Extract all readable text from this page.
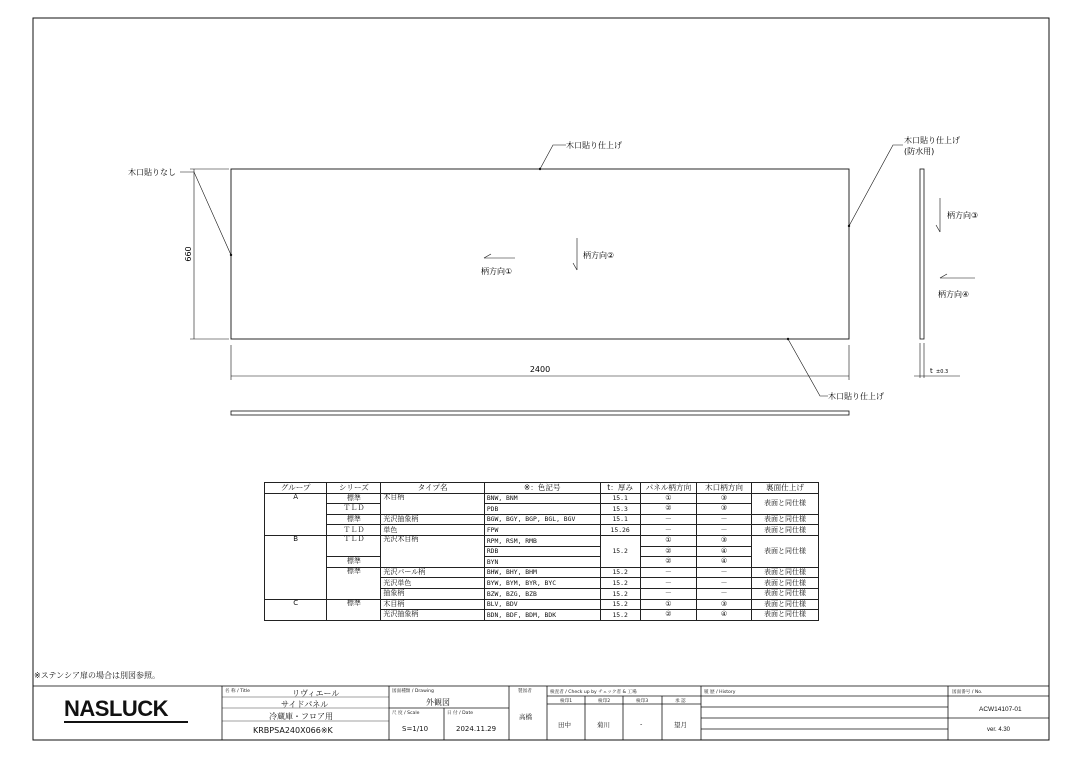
660
2400	t ±0.3
木口貼りなし
木口貼り仕上げ
木口貼り仕上げ
(防水用)
木口貼り仕上げ
柄方向①
柄方向②
柄方向③
柄方向④
グループ	シリーズ	タイプ名	※：色記号	t：厚み	パネル柄方向	木口柄方向	裏面仕上げ
A	標準	木目柄	BNW, BNM	15.1	①	③	表面と同仕様
	ＴＬＤ		PDB	15.3	②	③	
	標準	光沢抽象柄	BGW, BGY, BGP, BGL, BGV	15.1	－	－	表面と同仕様
	ＴＬＤ	単色	FPW	15.26	－	－	表面と同仕様
B	ＴＬＤ	光沢木目柄	RPM, RSM, RMB	15.2	①	③	表面と同仕様
			RDB		②	④	
	標準		BYN		②	④	
	標準	光沢パール柄	BHW, BHY, BHM	15.2	－	－	表面と同仕様
		光沢単色	BYW, BYM, BYR, BYC	15.2	－	－	表面と同仕様
		抽象柄	BZW, BZG, BZB	15.2	－	－	表面と同仕様
C	標準	木目柄	BLV, BDV	15.2	①	③	表面と同仕様
		光沢抽象柄	BDN, BDF, BDM, BDK	15.2	②	④	表面と同仕様
※ステンシア扉の場合は別図参照。
NASLUCK
名 称 / Title	リヴィエール
サイドパネル
冷蔵庫・フロア用
KRBPSA240X066※K
図面種類 / Drawing
外観図
尺 度 / Scale
S=1/10
日 付 / Date
2024.11.29
製図者
高橋
検査者 / Check up by チェック者 & 工場
検印1	検印2	検印3	承 認
田中	菊川	-	望月
履 歴 / History	図面番号 / No.
ACW14107-01
ver. 4.30
